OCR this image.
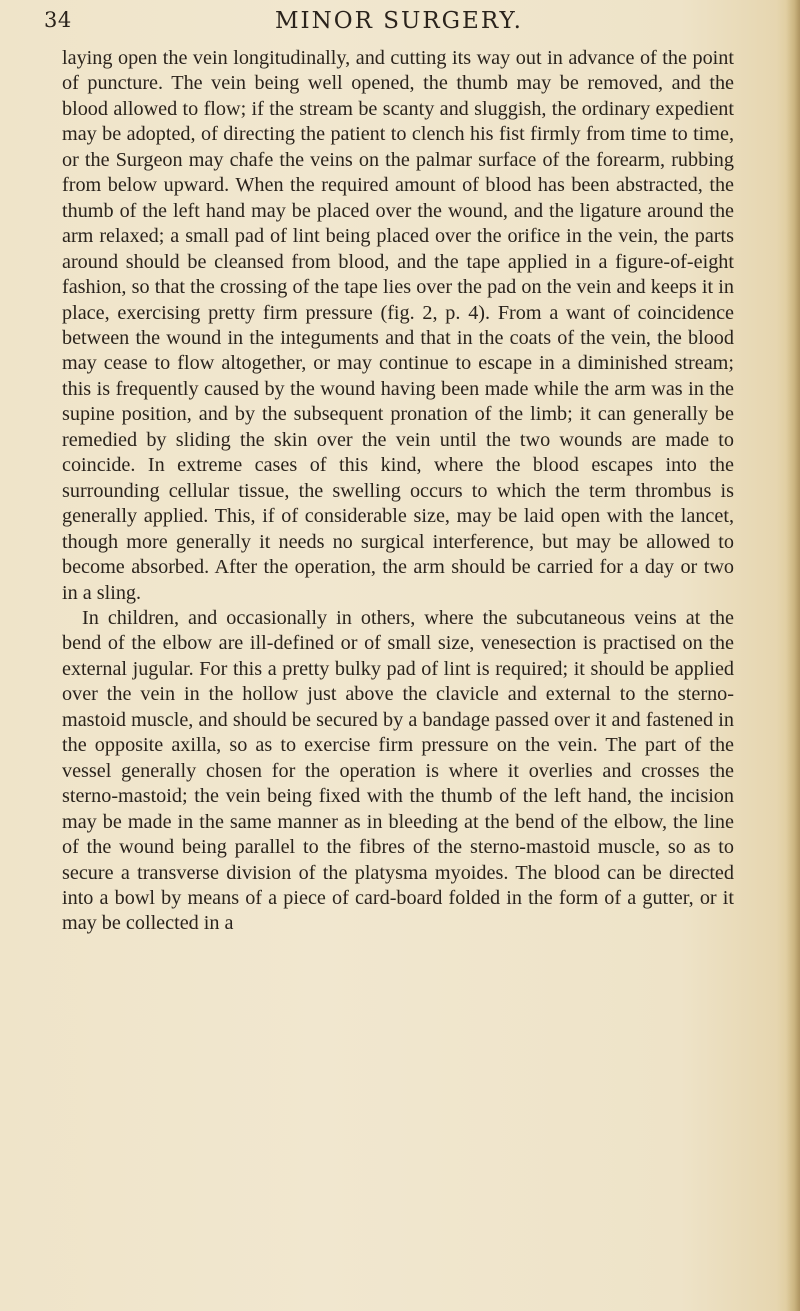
34	MINOR SURGERY.

laying open the vein longitudinally, and cutting its way out in advance of the point of puncture. The vein being well opened, the thumb may be removed, and the blood allowed to flow; if the stream be scanty and sluggish, the ordinary expedient may be adopted, of directing the patient to clench his fist firmly from time to time, or the Surgeon may chafe the veins on the palmar surface of the forearm, rubbing from below upward. When the required amount of blood has been abstracted, the thumb of the left hand may be placed over the wound, and the ligature around the arm relaxed; a small pad of lint being placed over the orifice in the vein, the parts around should be cleansed from blood, and the tape applied in a figure-of-eight fashion, so that the crossing of the tape lies over the pad on the vein and keeps it in place, exercising pretty firm pressure (fig. 2, p. 4). From a want of coincidence between the wound in the integuments and that in the coats of the vein, the blood may cease to flow altogether, or may continue to escape in a diminished stream; this is frequently caused by the wound having been made while the arm was in the supine position, and by the subsequent pronation of the limb; it can generally be remedied by sliding the skin over the vein until the two wounds are made to coincide. In extreme cases of this kind, where the blood escapes into the surrounding cellular tissue, the swelling occurs to which the term thrombus is generally applied. This, if of considerable size, may be laid open with the lancet, though more generally it needs no surgical interference, but may be allowed to become absorbed. After the operation, the arm should be carried for a day or two in a sling.

In children, and occasionally in others, where the subcutaneous veins at the bend of the elbow are ill-defined or of small size, venesection is practised on the external jugular. For this a pretty bulky pad of lint is required; it should be applied over the vein in the hollow just above the clavicle and external to the sterno-mastoid muscle, and should be secured by a bandage passed over it and fastened in the opposite axilla, so as to exercise firm pressure on the vein. The part of the vessel generally chosen for the operation is where it overlies and crosses the sterno-mastoid; the vein being fixed with the thumb of the left hand, the incision may be made in the same manner as in bleeding at the bend of the elbow, the line of the wound being parallel to the fibres of the sterno-mastoid muscle, so as to secure a transverse division of the platysma myoides. The blood can be directed into a bowl by means of a piece of card-board folded in the form of a gutter, or it may be collected in a
